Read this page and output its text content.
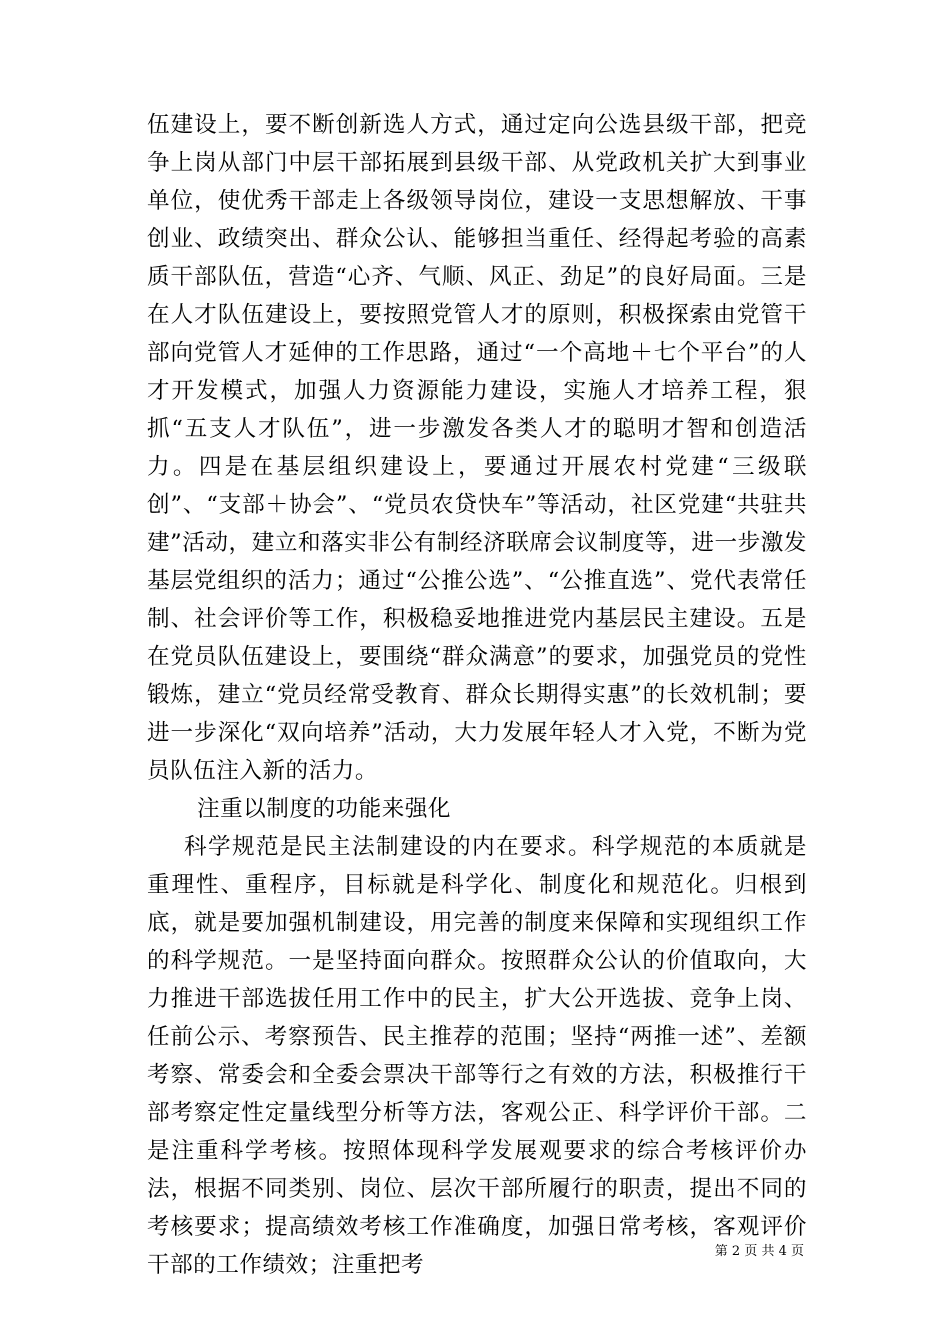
伍建设上，要不断创新选人方式，通过定向公选县级干部，把竞争上岗从部门中层干部拓展到县级干部、从党政机关扩大到事业单位，使优秀干部走上各级领导岗位，建设一支思想解放、干事创业、政绩突出、群众公认、能够担当重任、经得起考验的高素质干部队伍，营造“心齐、气顺、风正、劲足”的良好局面。三是在人才队伍建设上，要按照党管人才的原则，积极探索由党管干部向党管人才延伸的工作思路，通过“一个高地＋七个平台”的人才开发模式，加强人力资源能力建设，实施人才培养工程，狠抓“五支人才队伍”，进一步激发各类人才的聪明才智和创造活力。四是在基层组织建设上，要通过开展农村党建“三级联创”、“支部＋协会”、“党员农贷快车”等活动，社区党建“共驻共建”活动，建立和落实非公有制经济联席会议制度等，进一步激发基层党组织的活力；通过“公推公选”、“公推直选”、党代表常任制、社会评价等工作，积极稳妥地推进党内基层民主建设。五是在党员队伍建设上，要围绕“群众满意”的要求，加强党员的党性锻炼，建立“党员经常受教育、群众长期得实惠”的长效机制；要进一步深化“双向培养”活动，大力发展年轻人才入党，不断为党员队伍注入新的活力。

注重以制度的功能来强化

科学规范是民主法制建设的内在要求。科学规范的本质就是重理性、重程序，目标就是科学化、制度化和规范化。归根到底，就是要加强机制建设，用完善的制度来保障和实现组织工作的科学规范。一是坚持面向群众。按照群众公认的价值取向，大力推进干部选拔任用工作中的民主，扩大公开选拔、竞争上岗、任前公示、考察预告、民主推荐的范围；坚持“两推一述”、差额考察、常委会和全委会票决干部等行之有效的方法，积极推行干部考察定性定量线型分析等方法，客观公正、科学评价干部。二是注重科学考核。按照体现科学发展观要求的综合考核评价办法，根据不同类别、岗位、层次干部所履行的职责，提出不同的考核要求；提高绩效考核工作准确度，加强日常考核，客观评价干部的工作绩效；注重把考

第 2 页 共 4 页
